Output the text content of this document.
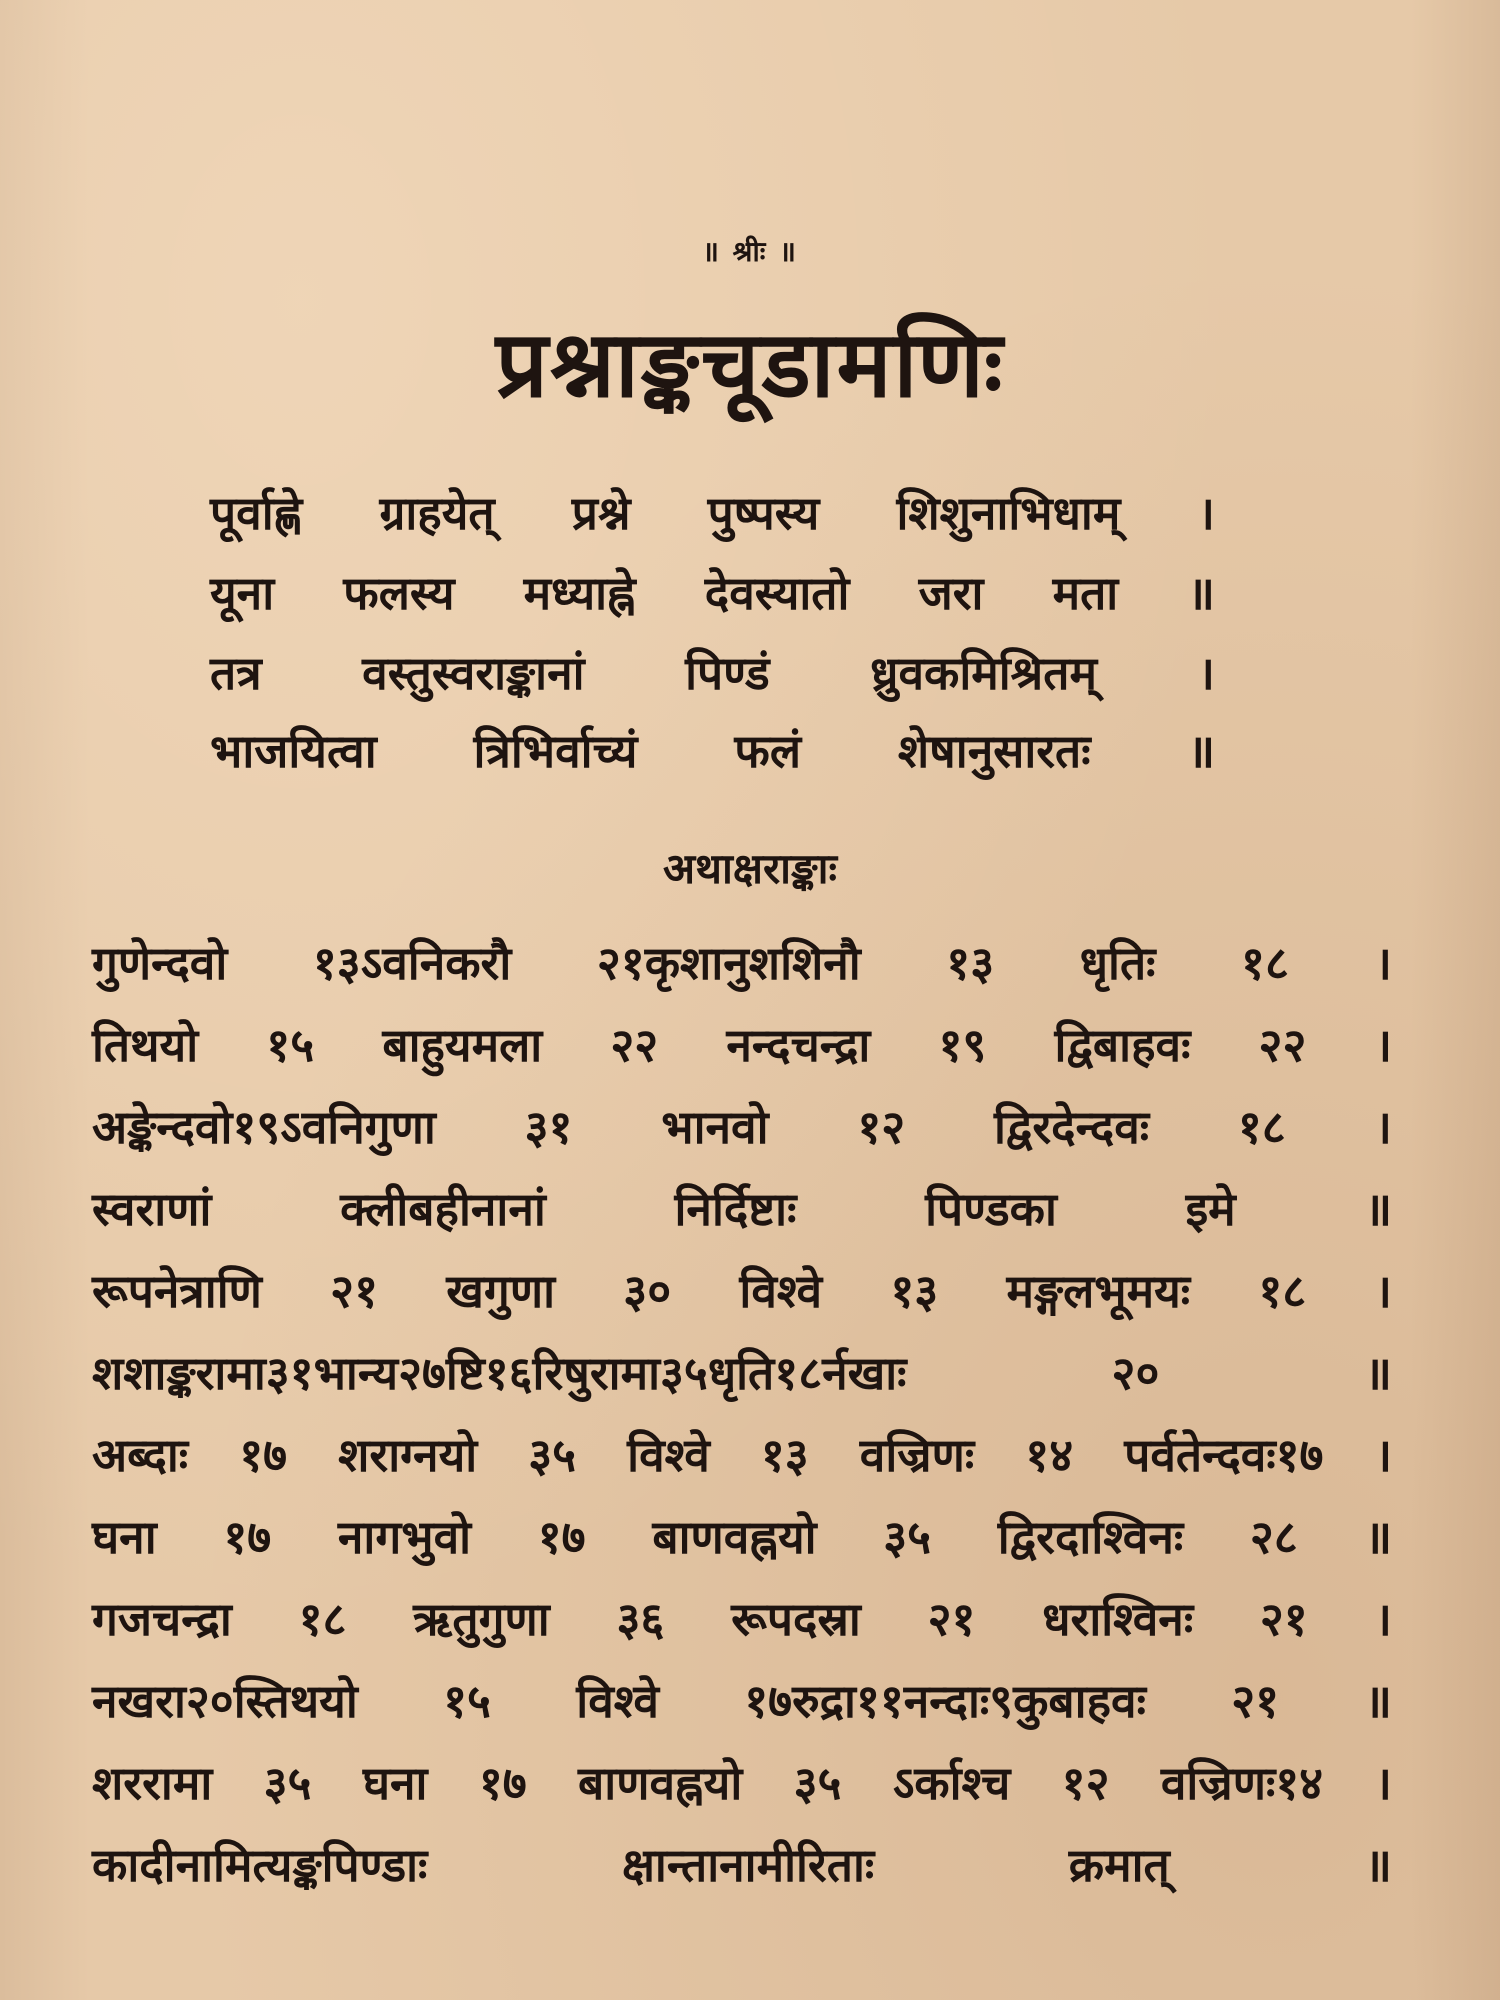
॥ श्रीः ॥
प्रश्नाङ्कचूडामणिः
पूर्वाह्णे ग्राहयेत् प्रश्ने पुष्पस्य शिशुनाभिधाम् ।
यूना फलस्य मध्याह्ने देवस्यातो जरा मता ॥
तत्र वस्तुस्वराङ्कानां पिण्डं ध्रुवकमिश्रितम् ।
भाजयित्वा त्रिभिर्वाच्यं फलं शेषानुसारतः ॥
अथाक्षराङ्काः
गुणेन्दवो १३ऽवनिकरौ २१कृशानुशशिनौ १३ धृतिः १८ ।
तिथयो १५ बाहुयमला २२ नन्दचन्द्रा १९ द्विबाहवः २२ ।
अङ्केन्दवो१९ऽवनिगुणा ३१ भानवो १२ द्विरदेन्दवः १८ ।
स्वराणां	क्लीबहीनानां	निर्दिष्टाः	पिण्डका	इमे	॥
रूपनेत्राणि २१ खगुणा ३० विश्वे १३ मङ्गलभूमयः १८ ।
शशाङ्करामा३१भान्य२७ष्टि१६रिषुरामा३५धृति१८र्नखाः	२०	॥
अब्दाः १७ शराग्नयो ३५ विश्वे १३ वज्रिणः १४ पर्वतेन्दवः१७ ।
घना १७ नागभुवो १७ बाणवह्नयो ३५ द्विरदाश्विनः २८ ॥
गजचन्द्रा १८ ऋतुगुणा ३६ रूपदस्रा २१ धराश्विनः २१ ।
नखरा२०स्तिथयो १५ विश्वे १७रुद्रा११नन्दाः९कुबाहवः २१ ॥
शररामा ३५ घना १७ बाणवह्नयो ३५ ऽर्काश्च १२ वज्रिणः१४ ।
कादीनामित्यङ्कपिण्डाः	क्षान्तानामीरिताः	क्रमात्	॥
